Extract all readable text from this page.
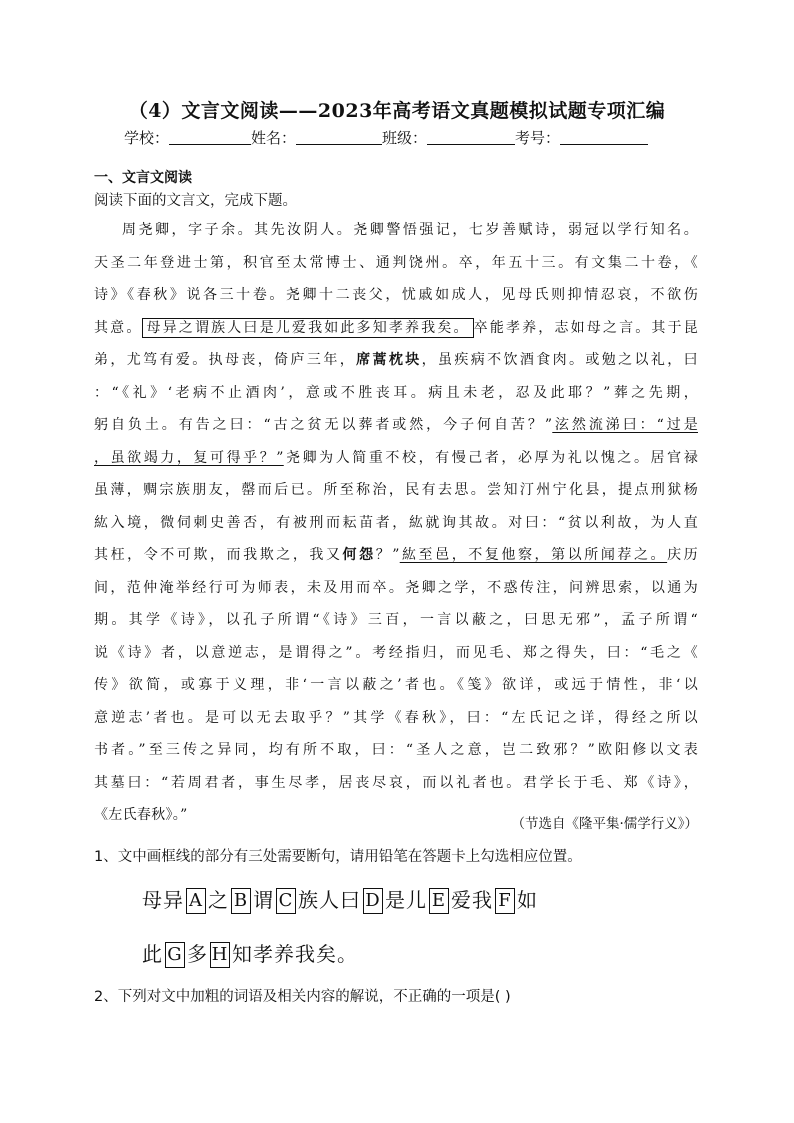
（4）文言文阅读——2023年高考语文真题模拟试题专项汇编
学校：	姓名：	班级：	考号：
一、文言文阅读
阅读下面的文言文，完成下题。
周尧卿，字子余。其先汝阴人。尧卿警悟强记，七岁善赋诗，弱冠以学行知名。
天圣二年登进士第，积官至太常博士、通判饶州。卒，年五十三。有文集二十卷，《
诗》《春秋》说各三十卷。尧卿十二丧父，忧戚如成人，见母氏则抑情忍哀，不欲伤
其意。 母异之谓族人曰是儿爱我如此多知孝养我矣。 卒能孝养，志如母之言。其于昆
弟，尤笃有爱。执母丧，倚庐三年，席蒿枕块，虽疾病不饮酒食肉。或勉之以礼，曰
：“《礼》‘老病不止酒肉’，意或不胜丧耳。病且未老，忍及此耶？”葬之先期，
躬自负土。有告之曰：“古之贫无以葬者或然，今子何自苦？”泫然流涕曰：“过是
，虽欲竭力，复可得乎？”尧卿为人简重不校，有慢己者，必厚为礼以愧之。居官禄
虽薄，赒宗族朋友，罄而后已。所至称治，民有去思。尝知汀州宁化县，提点刑狱杨
紘入境，微伺刺史善否，有被刑而耘苗者，紘就询其故。对曰：“贫以利故，为人直
其枉，令不可欺，而我欺之，我又何怨？”紘至邑，不复他察，第以所闻荐之。庆历
间，范仲淹举经行可为师表，未及用而卒。尧卿之学，不惑传注，问辨思索，以通为
期。其学《诗》，以孔子所谓“《诗》三百，一言以蔽之，曰思无邪”，孟子所谓“
说《诗》者，以意逆志，是谓得之”。考经指归，而见毛、郑之得失，曰：“毛之《
传》欲简，或寡于义理，非‘一言以蔽之’者也。《笺》欲详，或远于情性，非‘以
意逆志’者也。是可以无去取乎？”其学《春秋》，曰：“左氏记之详，得经之所以
书者。”至三传之异同，均有所不取，曰：“圣人之意，岂二致邪？”欧阳修以文表
其墓曰：“若周君者，事生尽孝，居丧尽哀，而以礼者也。君学长于毛、郑《诗》，
《左氏春秋》。”
（节选自《隆平集·儒学行义》）
1、文中画框线的部分有三处需要断句，请用铅笔在答题卡上勾选相应位置。
母异 A 之 B 谓 C 族人曰 D 是儿 E 爱我 F 如
此 G 多 H 知孝养我矣。
2、下列对文中加粗的词语及相关内容的解说，不正确的一项是( )
